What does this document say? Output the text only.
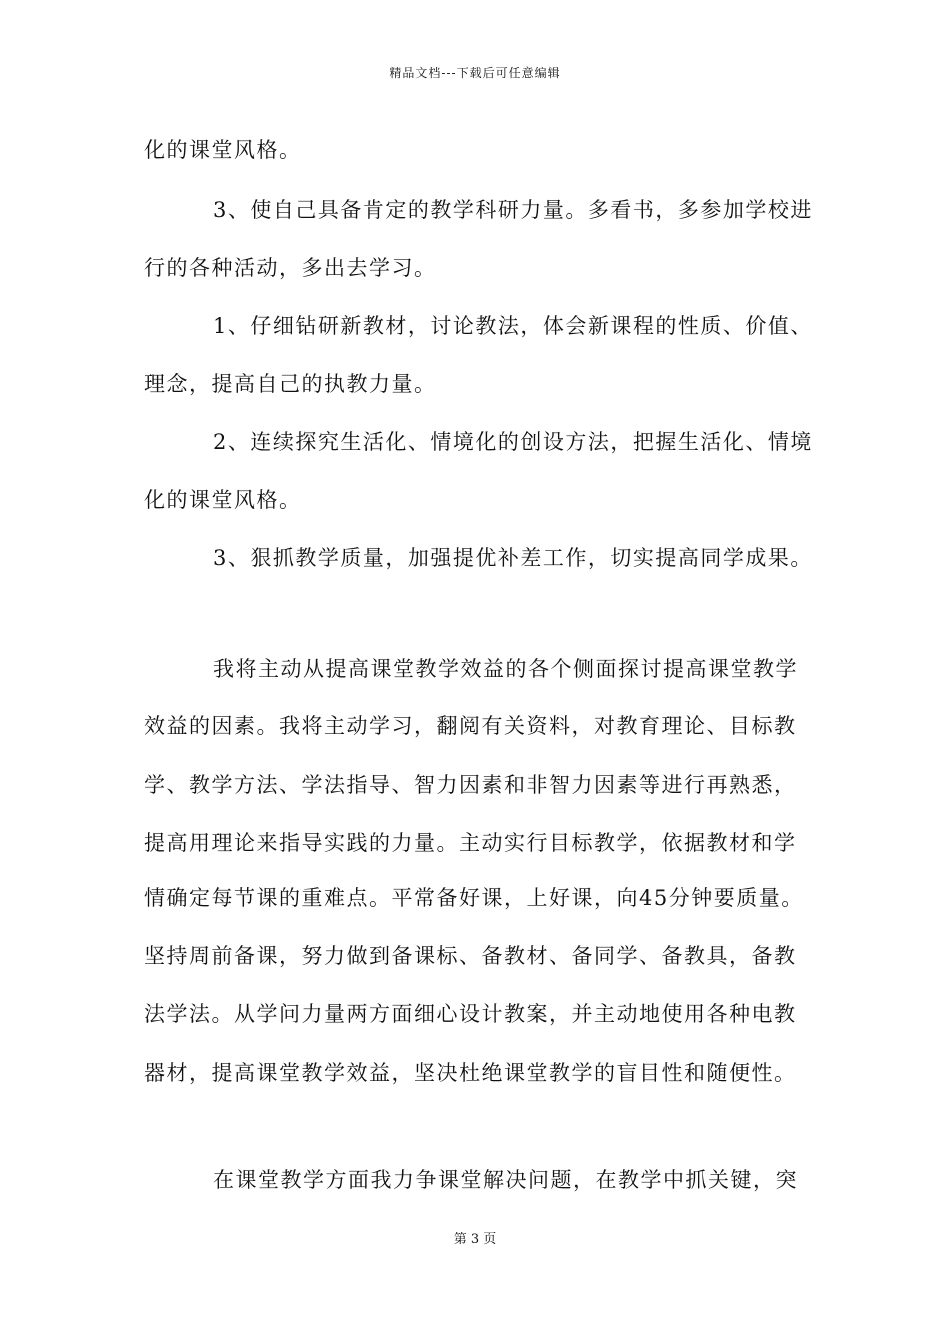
精品文档---下载后可任意编辑
化的课堂风格。
3、使自己具备肯定的教学科研力量。多看书，多参加学校进
行的各种活动，多出去学习。
1、仔细钻研新教材，讨论教法，体会新课程的性质、价值、
理念，提高自己的执教力量。
2、连续探究生活化、情境化的创设方法，把握生活化、情境
化的课堂风格。
3、狠抓教学质量，加强提优补差工作，切实提高同学成果。
我将主动从提高课堂教学效益的各个侧面探讨提高课堂教学
效益的因素。我将主动学习，翻阅有关资料，对教育理论、目标教
学、教学方法、学法指导、智力因素和非智力因素等进行再熟悉，
提高用理论来指导实践的力量。主动实行目标教学，依据教材和学
情确定每节课的重难点。平常备好课，上好课，向45分钟要质量。
坚持周前备课，努力做到备课标、备教材、备同学、备教具，备教
法学法。从学问力量两方面细心设计教案，并主动地使用各种电教
器材，提高课堂教学效益，坚决杜绝课堂教学的盲目性和随便性。
在课堂教学方面我力争课堂解决问题，在教学中抓关键，突
第 3 页
